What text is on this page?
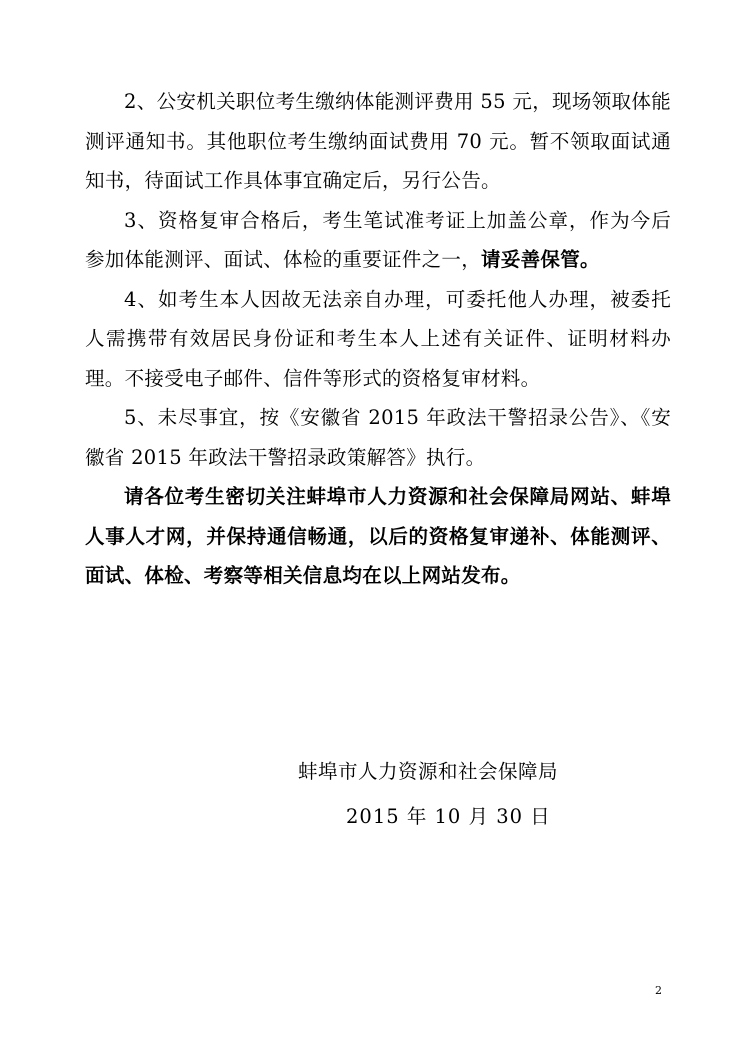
2、公安机关职位考生缴纳体能测评费用 55 元，现场领取体能测评通知书。其他职位考生缴纳面试费用 70 元。暂不领取面试通知书，待面试工作具体事宜确定后，另行公告。

3、资格复审合格后，考生笔试准考证上加盖公章，作为今后参加体能测评、面试、体检的重要证件之一，请妥善保管。

4、如考生本人因故无法亲自办理，可委托他人办理，被委托人需携带有效居民身份证和考生本人上述有关证件、证明材料办理。不接受电子邮件、信件等形式的资格复审材料。

5、未尽事宜，按《安徽省 2015 年政法干警招录公告》、《安徽省 2015 年政法干警招录政策解答》执行。

请各位考生密切关注蚌埠市人力资源和社会保障局网站、蚌埠人事人才网，并保持通信畅通，以后的资格复审递补、体能测评、面试、体检、考察等相关信息均在以上网站发布。

蚌埠市人力资源和社会保障局
2015 年 10 月 30 日
2
